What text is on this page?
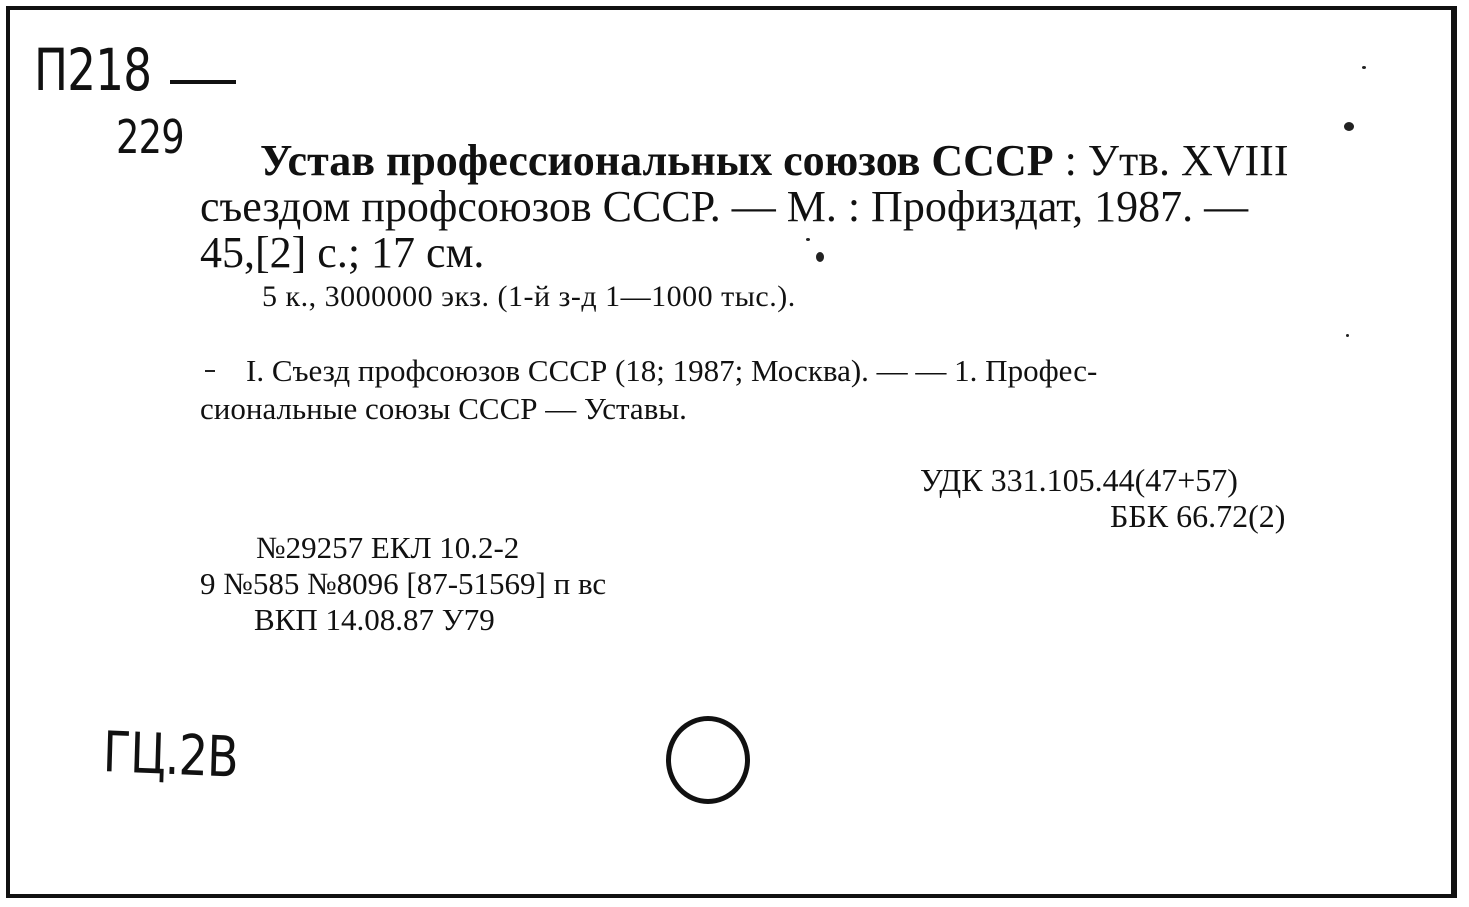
П218
229	Устав профессиональных союзов СССР : Утв. XVIII
съездом профсоюзов СССР. — М. : Профиздат, 1987. —
45,[2] с.; 17 см.
5 к., 3000000 экз. (1-й з-д 1—1000 тыс.).
I. Съезд профсоюзов СССР (18; 1987; Москва). — — 1. Профес-
сиональные союзы СССР — Уставы.
УДК 331.105.44(47+57)
ББК 66.72(2)
№29257 ЕКЛ 10.2-2
9 №585 №8096 [87-51569] п вс
ВКП 14.08.87 У79
ГЦ.2В
